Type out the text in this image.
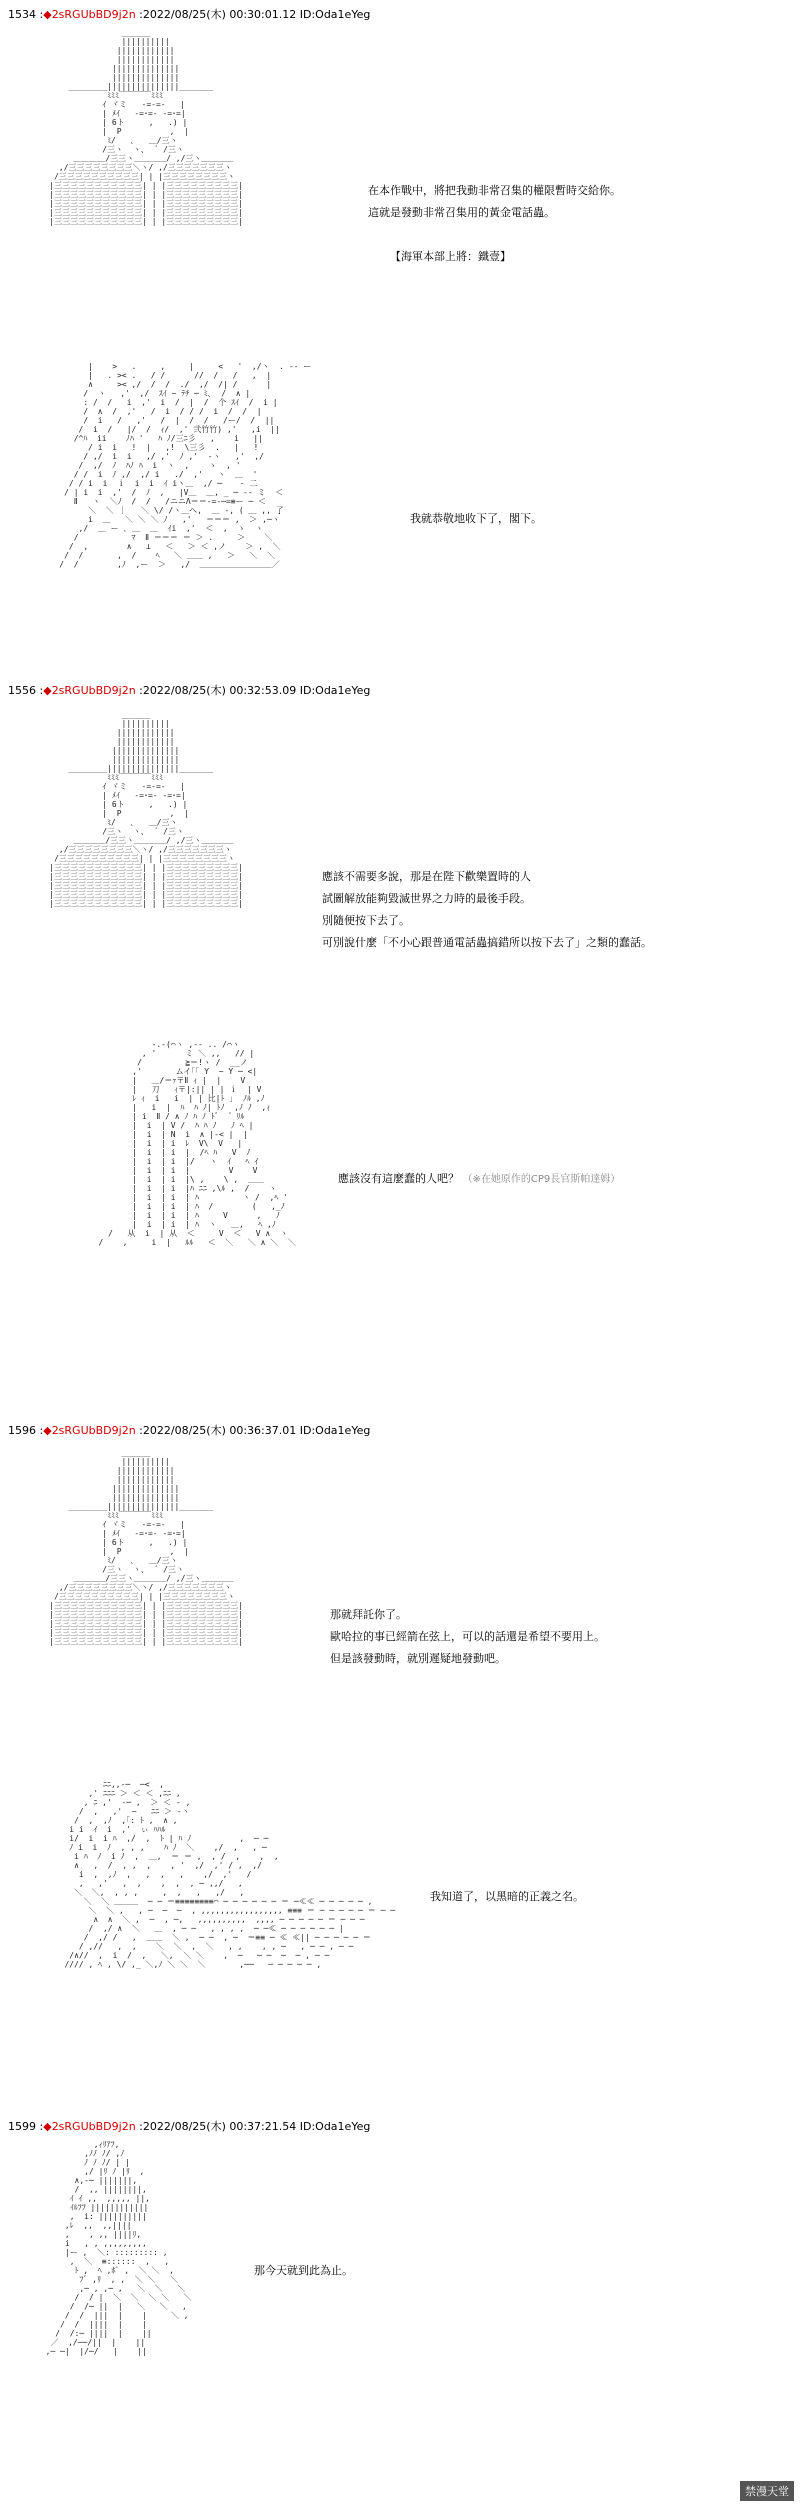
1534 :◆2sRGUbBD9j2n :2022/08/25(木) 00:30:01.12 ID:Oda1eYeg
______
||||||||||
||||||||||||
||||||||||||
||||||||||||||
||||||||||||||
________|||||||||||||||_______
ﾐﾐﾐ￣￣￣￣ﾐﾐﾐ
ｲ ヾミ   -=-=-   |
| ﾒｲ   -=･=- -=･=|
| 6ト     ,   .) |
|  P          ,  |
ﾐ/   ､   ＿/三ヽ
/三ヽ  ヽ、 ´ /三ヽ
＿＿＿＿/三三ヽ＿＿＿＿/ ,/三ヽ＿＿＿＿
,/三三三三三三三三＼ヽ/ ,/三三三三三三三ヽ
/三三三三三三三三三三| | |三三三三三三三三ヽ
|三三三三三三三三三三三| | |三三三三三三三三三|
|三三三三三三三三三三三| | |三三三三三三三三三|
|三三三三三三三三三三三| | |三三三三三三三三三|
|三三三三三三三三三三三| | |三三三三三三三三三|
|三三三三三三三三三三三| | |三三三三三三三三三|
在本作戰中，將把我動非常召集的權限暫時交給你。
這就是發動非常召集用的黃金電話蟲。
【海軍本部上將：鐵壹】
|    >   .     ,     |     <   '  ,/ヽ  . -- ー
|   . >< .   / /      //  /   /   ,  |
∧     >< ,/  /  /  ./  ,/  /| /      |
/  ヽ   ,'  ,/  ｽｲ ~ ﾃﾁ ─ ﾐ､  /  ∧ |
: /  /   i  ,'  i  /  |  /  个 ｽｲ  /  i |
/  ∧  /  ,'   /  i  / / /  i  /  /  |
/  i   /   ,'   /  |  /  /   /ー/  /  ||
/  i  /   |/  /  ｨ/  ,' 弐竹竹) ,'   ,i  ||
/^ﾊ  ii    ﾉﾊ '   ﾊ ﾉ/三ﾆ彡   ,    i   ||
/ i  i   !  |   ,!  \三彡  .   |   !
/ ,/  i  i   ,/ ,'  ﾉ ,'  -ヽ   ,'  ,/
/  ,/  ﾉ  ﾊﾉ ﾊ  i  ヽ  ,    ゝ  , '
/ /  i  ﾉ ,/  ,/ i   ./  ,'   ヽ  ＿  '
/ / i  i  ｉ  i  i  ｲ iヽ＿  ,/ ─ 　 - 二
/ | i  i  ,'  /  ﾉ  ,   |V＿  ＿, _ ─ -- ミ  ＜
Ⅱ   ヽ  ＼ﾉ  /  /   /ニニΛ＝＝-=-─=≡ー ─ ＜
＼  ＼ ｜   ＼ \/ /ヽ＿へ,  ＿ -, ( ＿ ,, 了
i  ＿   ＼ ＼ ＼ ﾉ   ,'   ＝＝＝ ,  ＞ ,─ヽ
,/  ＿ ー ､ ＿  ＿  ｲi  ,'  ＜  ,  ゝ  ヽ
/           ﾏ  Ⅱ ＝＝＝ ＝ ＞ .     ＞    ＼
/  ,        ∧   ⊥   ＜   ＞ ＜ ,ノ    ＞ ,  ＼
/  /       ,  /    ﾍ   ＼ ＿＿ ,   ＞   ＼  ＼
/  /        ,ﾉ  ,ー  ＞   ,/  ＿＿＿＿＿＿＿＿＿／
我就恭敬地收下了，閣下。
1556 :◆2sRGUbBD9j2n :2022/08/25(木) 00:32:53.09 ID:Oda1eYeg
______
||||||||||
||||||||||||
||||||||||||
||||||||||||||
||||||||||||||
________|||||||||||||||_______
ﾐﾐﾐ￣￣￣￣ﾐﾐﾐ
ｲ ヾミ   -=-=-   |
| ﾒｲ   -=･=- -=･=|
| 6ト     ,   .) |
|  P          ,  |
ﾐ/   ､   ＿/三ヽ
/三ヽ  ヽ、 ´ /三ヽ
＿＿＿＿/三三ヽ＿＿＿＿/ ,/三ヽ＿＿＿＿
,/三三三三三三三三＼ヽ/ ,/三三三三三三三ヽ
/三三三三三三三三三三| | |三三三三三三三三ヽ
|三三三三三三三三三三三| | |三三三三三三三三三|
|三三三三三三三三三三三| | |三三三三三三三三三|
|三三三三三三三三三三三| | |三三三三三三三三三|
|三三三三三三三三三三三| | |三三三三三三三三三|
|三三三三三三三三三三三| | |三三三三三三三三三|
應該不需要多說，那是在陛下歡樂置時的人
試圖解放能夠毀滅世界之力時的最後手段。
別隨便按下去了。
可別說什麼「不小心跟普通電話蟲搞錯所以按下去了」之類的蠢話。
-.-(⌒ヽ ,-- .. /⌒ヽ
, '      ミ ＼ ,,   // |
/         ≧＝!ヽ /  __ノ
,'       ムイ｢｢ Y  ~ Y ─ <|
|   ＿/＝ｧ〒Ⅱ ｨ |  |    V
|   刀   ｨ〒|:|| | | ｉ  | V
ﾚ ｨ  i   i  | | 比|ﾄ ｣  ﾉﾙ ,ﾉ
|   i  |  ﾊ  ﾊ ﾉ| ﾄﾉ  ,ﾉ ﾉ  ,ｨ
| i  Ⅱ / ∧ ﾉ ﾊ ﾉ ﾄﾞ  ゛ﾘﾙ
|  i  | V /  ﾊ ﾊ ﾉ   ﾉ ﾍ |
|  i  | N  i  ∧ |-< |  |
|  i  | i  ﾚ  V\  V   |
|  i  | i  |  /ﾍ ﾊ   V  ﾉ
|  i  | i  |/   ヽ  ｲ   ﾍ ｲ
|  i  | i  |        V    V
|  i  | i  |\ ,    \ ,  ＿＿
|  i  | i  |ﾊ ﾆﾆ ,\ﾙ ,  /    ヽ
|  i  | i  | ﾊ         ヽ /  ,ﾍ '
|  i  | i  | ﾊ  /        (   ,_ﾉ
|  i  | i  | ﾊ     V      ,   ﾉ
|  i  | i  | ﾊ  ヽ   ＿,   ﾍ ,ﾉ
/   从  i  | 从  ＜     V  ＜   V ∧  ヽ
/    ,     i  |   ﾙﾙ   ＜  ＼   ＼ ∧ ＼  ＼
應該沒有這麼蠢的人吧？ （※在她原作的CP9長官斯帕達姆）
1596 :◆2sRGUbBD9j2n :2022/08/25(木) 00:36:37.01 ID:Oda1eYeg
______
||||||||||
||||||||||||
||||||||||||
||||||||||||||
||||||||||||||
________|||||||||||||||_______
ﾐﾐﾐ￣￣￣￣ﾐﾐﾐ
ｲ ヾミ   -=-=-   |
| ﾒｲ   -=･=- -=･=|
| 6ト     ,   .) |
|  P          ,  |
ﾐ/   ､   ＿/三ヽ
/三ヽ  ヽ、 ´ /三ヽ
＿＿＿＿/三三ヽ＿＿＿＿/ ,/三ヽ＿＿＿＿
,/三三三三三三三三＼ヽ/ ,/三三三三三三三ヽ
/三三三三三三三三三三| | |三三三三三三三三ヽ
|三三三三三三三三三三三| | |三三三三三三三三三|
|三三三三三三三三三三三| | |三三三三三三三三三|
|三三三三三三三三三三三| | |三三三三三三三三三|
|三三三三三三三三三三三| | |三三三三三三三三三|
|三三三三三三三三三三三| | |三三三三三三三三三|
那就拜託你了。
歐哈拉的事已經箭在弦上，可以的話還是希望不要用上。
但是該發動時，就別遲疑地發動吧。
ﾆﾆ,,-─  ─<  ,
,' ﾆﾆﾆ ＞ ＜ ＜ ,ﾆﾆ ,
, ﾆ ,'  -─ ,  ＞ ＜ - ,
/  ,   ,'  ~   ﾆﾆ ＞ -ヽ
/  ,  ,ﾉ  ,｢: ﾄ ,  ∧ ,
i i  ｲ  i  ,'  ぃ ﾊﾊﾙ
i/  i  i ﾊ  ,/  ,  ﾄ | ﾊ ﾉ          ,  ─ ─
ﾉ i  i  ﾉ  , , ,    ﾊ ﾉ  ＼    ,/  ,   , ─
i ﾊ  ﾉ  i ﾉ  ,  ＿,  ＝ ＝ ,  , /  ,    ,  ,
∧   ,  /  , ,  ,    , '  ,/  ,' / ,  ,/
i  ,  ,ﾉ  ,   ,  ,   ,    ,/  ,'   /
,   ,'   ,  ,    ,  ,  , ─ ,,/   ,
＼  ＼,  , , ,     ,  ,   ,   ,/   ,
＼  ＼ ＿＿＿  ─ ─ ＝≡≡≡≡≡≡≡≡⌒ ─ ─ ─ ─ ─ ─ ＝ ─≪≪ ─ ─ ─ ─ ─ ,
＼  ＼ ,   , ─  ─  ─  , ,,,,,,,,,,,,,,,,, ≡≡≡ ＝ ─ ─ ─ ─ ─ ＝ ─ ─
∧  ∧  ＼ ,  ─  , ─,   ,,,,,,,,,,  ,,,, ─ ─ ─ ─ ─ ＝ ─ ─ ─
/  ,/ ∧  ＼   ＿  , ─ ─   , , , ,  ─ ─≪ ─ ─ ─ ─ ─ ─ |
/  ,/ /   ,  ＿＿  ＼ ,  ─ ─  , ─  ＝≡≡ ─ ≪ ≪|| ─ ─ ─ ─ ─ ＝
/ ,//   ,  ,    ＼  ＼  ,  ＼   , ,    , , ─   , ─ ─ , ─ ─
/∧//  ,  i  /  ,   ＼,  ＼ ＼    ,  ─   ─ ─  ─  ─ , ─ ─
//// , ﾍ , \/ ,_ ＼,ﾉ ＼ ＼  ＼       ,──   ─ ─ ─ ─ ─ ,
我知道了，以黑暗的正義之名。
1599 :◆2sRGUbBD9j2n :2022/08/25(木) 00:37:21.54 ID:Oda1eYeg
,ｨﾘｱﾌ,
,ﾉﾉ ﾉ/ ,ﾉ
ﾉ ﾉ ﾉ/ | |
,/ |ﾘ ﾉ |ﾘ  ,
∧,-─ |||||||,
/  ,, ||||||||,
ｲ ｲ ,,  ,,,,, ||,
ｲﾙﾌﾌ ||||||||||||
,  i: ||||||||||
,ﾚ  ,,  ,,||||
,    , ,, ||||ﾘ,
i   , , ,,,,,,,,,
|ー ,  ＼: ::::::::: ,
,  ＼  ≡::::::  ,   ,
ﾄ ,  ﾍ ,ﾎﾟ ,  ＼ ＼  ,
ﾌﾞ ,ﾘ  , ,  ＼ ＼   ＼
,─ , ,─ ,   ＼  ＼   ＼
/  / |  ＼  ＼  ＼ ＼   ＼
/  /─ ||  |   ＼   ＼   ,
/  /  |||  |    |     ＼ ,
/  /  ||||  |    |
/  /:─ ||||  |    ||
／  ,/──/||  |    ||
,─ ─|  |/─/   |    ||
那今天就到此為止。
禁漫天堂
